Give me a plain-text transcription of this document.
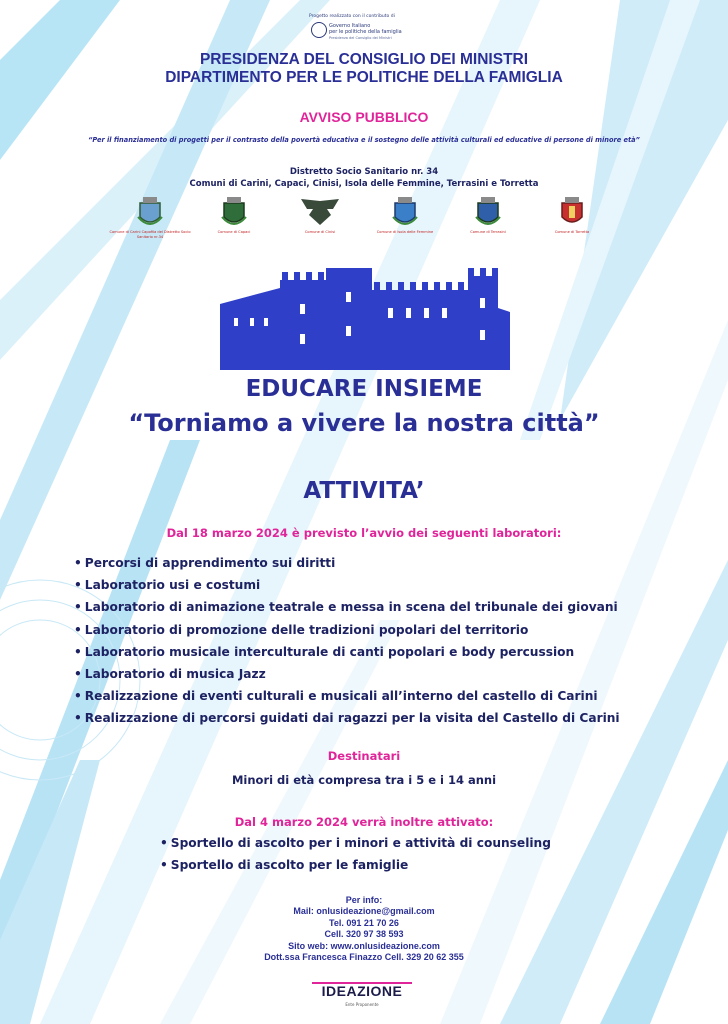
Progetto realizzato con il contributo di
Governo Italiano
per le politiche della famiglia
Presidenza del Consiglio dei Ministri
PRESIDENZA DEL CONSIGLIO DEI MINISTRI
DIPARTIMENTO PER LE POLITICHE DELLA FAMIGLIA
AVVISO PUBBLICO
“Per il finanziamento di progetti per il contrasto della povertà educativa e il sostegno delle attività culturali ed educative di persone di minore età”
Distretto Socio Sanitario nr. 34
Comuni di Carini, Capaci, Cinisi, Isola delle Femmine, Terrasini e Torretta
Comune di Carini Capofila del Distretto Socio Sanitario nr.34
Comune di Capaci	Comune di Cinisi	Comune di Isola delle Femmine	Comune di Terrasini	Comune di Torretta
EDUCARE INSIEME
“Torniamo a vivere la nostra città”
ATTIVITA’
Dal 18 marzo 2024 è previsto l’avvio dei seguenti laboratori:
• Percorsi di apprendimento sui diritti
• Laboratorio usi e costumi
• Laboratorio di animazione teatrale e messa in scena del tribunale dei giovani
• Laboratorio di promozione delle tradizioni popolari del territorio
• Laboratorio musicale interculturale di canti popolari e body percussion
• Laboratorio di musica Jazz
• Realizzazione di eventi culturali e musicali all’interno del castello di Carini
• Realizzazione di percorsi guidati dai ragazzi per la visita del Castello di Carini
Destinatari
Minori di età compresa tra i 5 e i 14 anni
Dal 4 marzo 2024 verrà inoltre attivato:
• Sportello di ascolto per i minori e attività di counseling
• Sportello di ascolto per le famiglie
Per info:
Mail: onlusideazione@gmail.com
Tel. 091 21 70 26
Cell. 320 97 38 593
Sito web: www.onlusideazione.com
Dott.ssa Francesca Finazzo Cell. 329 20 62 355
IDEAZIONE
Ente Proponente
